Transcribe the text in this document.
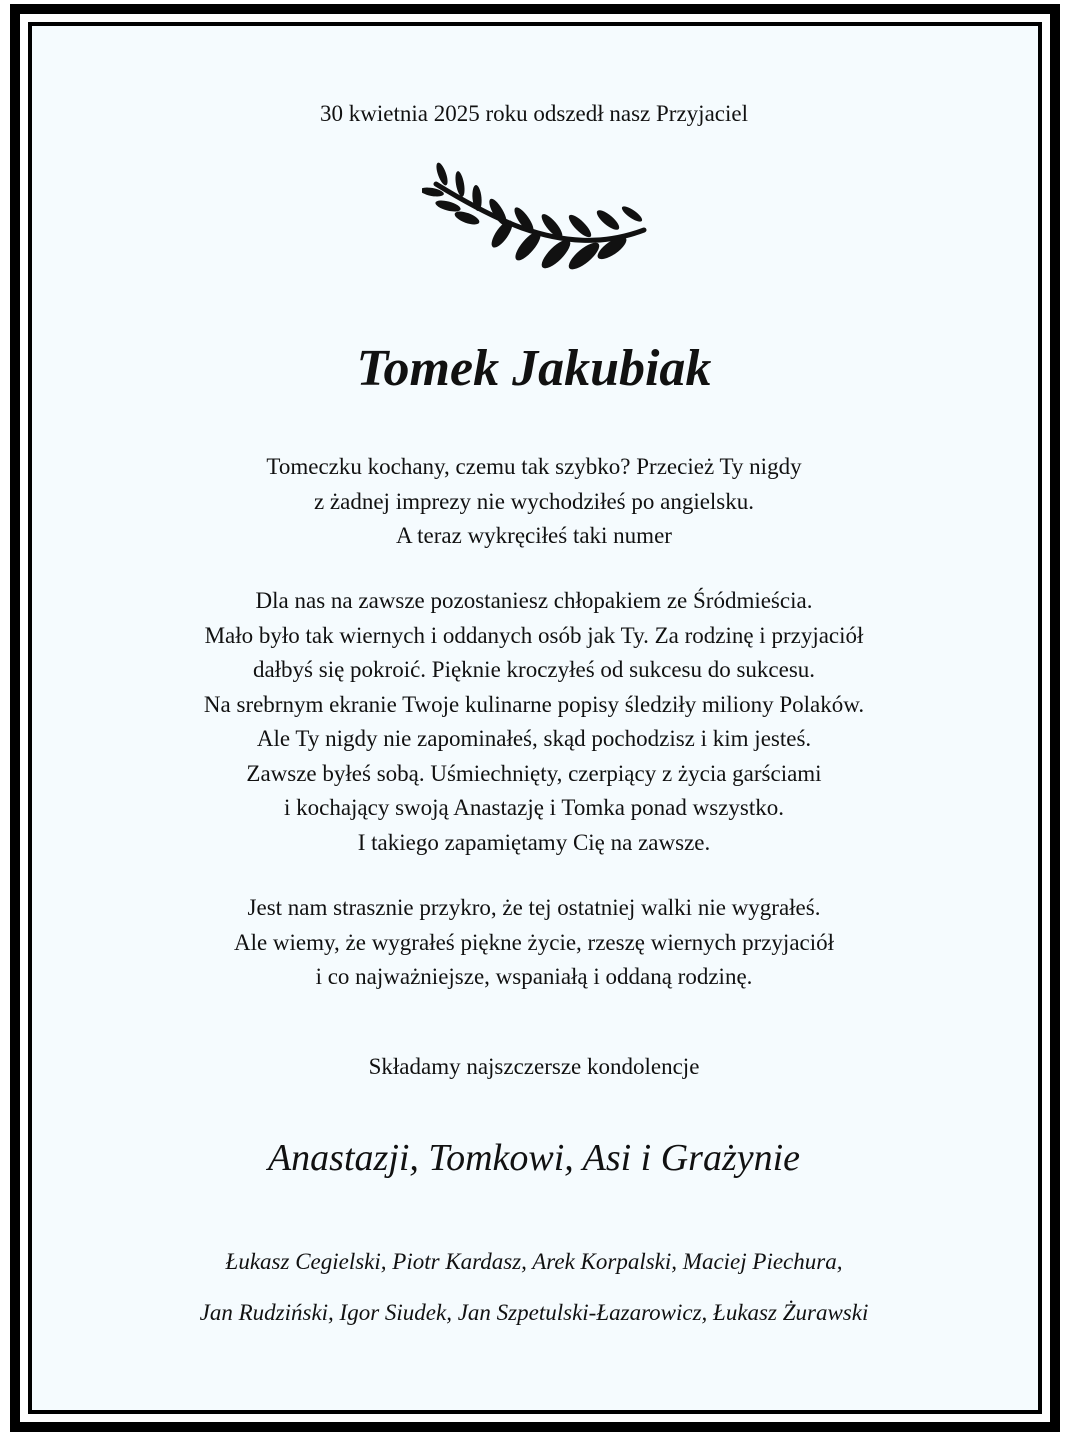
30 kwietnia 2025 roku odszedł nasz Przyjaciel
Tomek Jakubiak
Tomeczku kochany, czemu tak szybko? Przecież Ty nigdy
z żadnej imprezy nie wychodziłeś po angielsku.
A teraz wykręciłeś taki numer
Dla nas na zawsze pozostaniesz chłopakiem ze Śródmieścia.
Mało było tak wiernych i oddanych osób jak Ty. Za rodzinę i przyjaciół
dałbyś się pokroić. Pięknie kroczyłeś od sukcesu do sukcesu.
Na srebrnym ekranie Twoje kulinarne popisy śledziły miliony Polaków.
Ale Ty nigdy nie zapominałeś, skąd pochodzisz i kim jesteś.
Zawsze byłeś sobą. Uśmiechnięty, czerpiący z życia garściami
i kochający swoją Anastazję i Tomka ponad wszystko.
I takiego zapamiętamy Cię na zawsze.
Jest nam strasznie przykro, że tej ostatniej walki nie wygrałeś.
Ale wiemy, że wygrałeś piękne życie, rzeszę wiernych przyjaciół
i co najważniejsze, wspaniałą i oddaną rodzinę.
Składamy najszczersze kondolencje
Anastazji, Tomkowi, Asi i Grażynie
Łukasz Cegielski, Piotr Kardasz, Arek Korpalski, Maciej Piechura,
Jan Rudziński, Igor Siudek, Jan Szpetulski-Łazarowicz, Łukasz Żurawski
